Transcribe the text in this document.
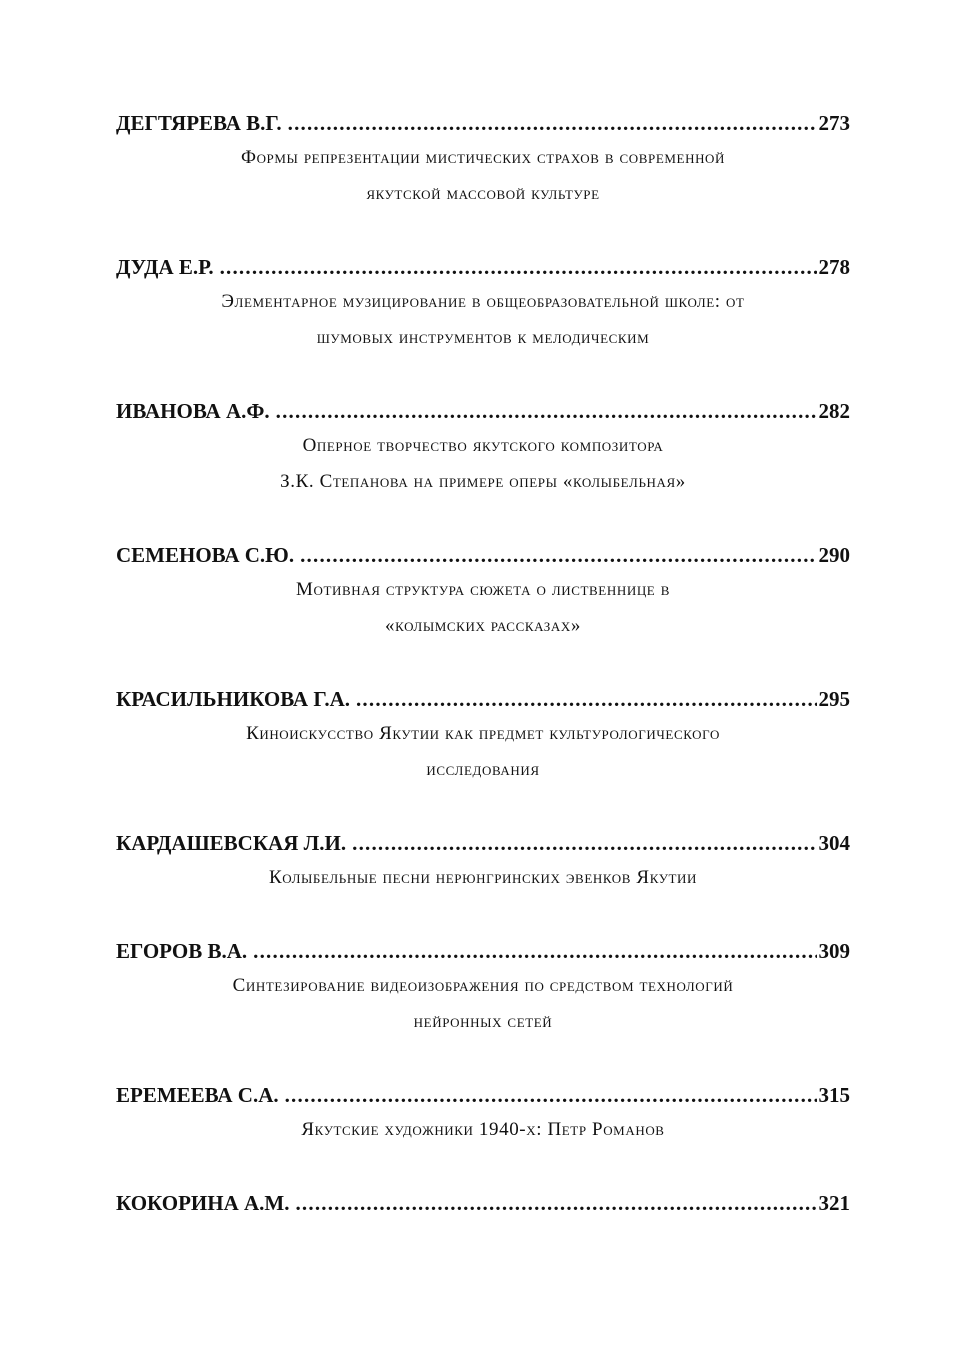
ДЕГТЯРЕВА В.Г. .....	273
Формы репрезентации мистических страхов в современной
якутской массовой культуре
ДУДА Е.Р. .....	278
Элементарное музицирование в общеобразовательной школе: от
шумовых инструментов к мелодическим
ИВАНОВА А.Ф. .....	282
Оперное творчество якутского композитора
З.К. Степанова на примере оперы «колыбельная»
СЕМЕНОВА С.Ю. .....	290
Мотивная структура сюжета о лиственнице в
«колымских рассказах»
КРАСИЛЬНИКОВА Г.А. .....	295
Киноискусство Якутии как предмет культурологического
исследования
КАРДАШЕВСКАЯ Л.И. .....	304
Колыбельные песни нерюнгринских эвенков Якутии
ЕГОРОВ В.А. .....	309
Синтезирование видеоизображения по средством технологий
нейронных сетей
ЕРЕМЕЕВА С.А. .....	315
Якутские художники 1940-х: Петр Романов
КОКОРИНА А.М. .....	321
